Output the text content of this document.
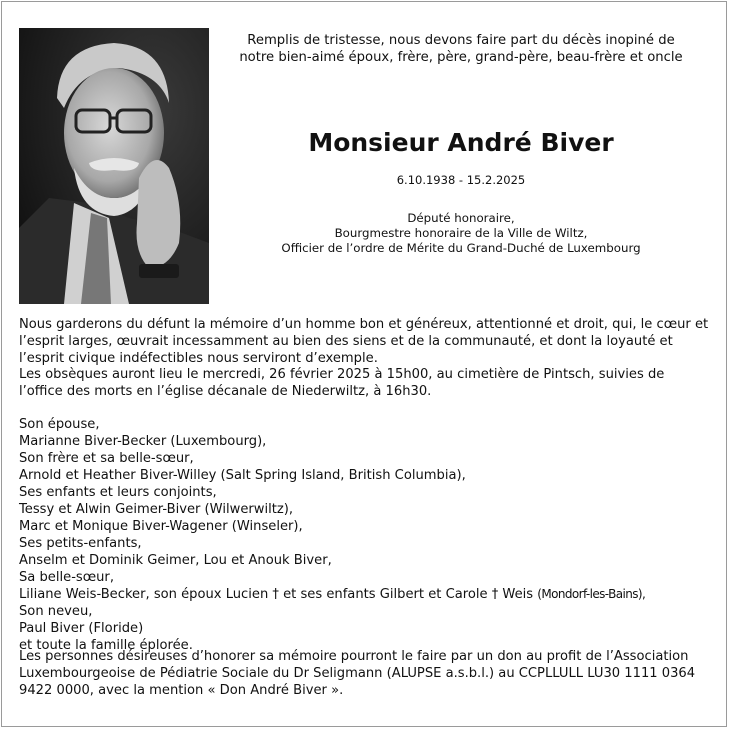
Remplis de tristesse, nous devons faire part du décès inopiné de
notre bien-aimé époux, frère, père, grand-père, beau-frère et oncle
Monsieur André Biver
6.10.1938 - 15.2.2025
Député honoraire,
Bourgmestre honoraire de la Ville de Wiltz,
Officier de l’ordre de Mérite du Grand-Duché de Luxembourg
Nous garderons du défunt la mémoire d’un homme bon et généreux, attentionné et droit, qui, le cœur et l’esprit larges, œuvrait incessamment au bien des siens et de la communauté, et dont la loyauté et l’esprit civique indéfectibles nous serviront d’exemple.
Les obsèques auront lieu le mercredi, 26 février 2025 à 15h00, au cimetière de Pintsch, suivies de l’office des morts en l’église décanale de Niederwiltz, à 16h30.
Son épouse,
Marianne Biver-Becker (Luxembourg),
Son frère et sa belle-sœur,
Arnold et Heather Biver-Willey (Salt Spring Island, British Columbia),
Ses enfants et leurs conjoints,
Tessy et Alwin Geimer-Biver (Wilwerwiltz),
Marc et Monique Biver-Wagener (Winseler),
Ses petits-enfants,
Anselm et Dominik Geimer, Lou et Anouk Biver,
Sa belle-sœur,
Liliane Weis-Becker, son époux Lucien † et ses enfants Gilbert et Carole † Weis (Mondorf-les-Bains),
Son neveu,
Paul Biver (Floride)
et toute la famille éplorée.
Les personnes désireuses d’honorer sa mémoire pourront le faire par un don au profit de l’Association Luxembourgeoise de Pédiatrie Sociale du Dr Seligmann (ALUPSE a.s.b.l.) au CCPLLULL LU30 1111 0364 9422 0000, avec la mention « Don André Biver ».
